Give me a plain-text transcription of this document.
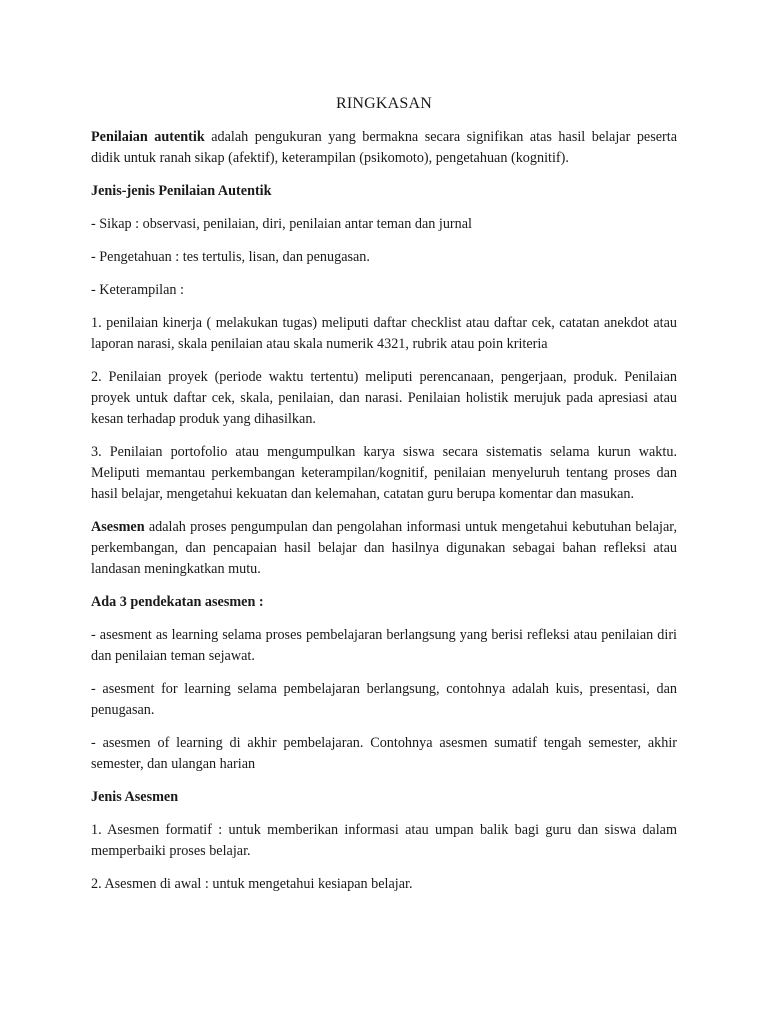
RINGKASAN

Penilaian autentik adalah pengukuran yang bermakna secara signifikan atas hasil belajar peserta didik untuk ranah sikap (afektif), keterampilan (psikomoto), pengetahuan (kognitif).

Jenis-jenis Penilaian Autentik

- Sikap : observasi, penilaian, diri, penilaian antar teman dan jurnal

- Pengetahuan : tes tertulis, lisan, dan penugasan.

- Keterampilan :

1. penilaian kinerja ( melakukan tugas) meliputi daftar checklist atau daftar cek, catatan anekdot atau laporan narasi, skala penilaian atau skala numerik 4321, rubrik atau poin kriteria

2. Penilaian proyek (periode waktu tertentu) meliputi perencanaan, pengerjaan, produk. Penilaian proyek untuk daftar cek, skala, penilaian, dan narasi. Penilaian holistik merujuk pada apresiasi atau kesan terhadap produk yang dihasilkan.

3. Penilaian portofolio atau mengumpulkan karya siswa secara sistematis selama kurun waktu. Meliputi memantau perkembangan keterampilan/kognitif, penilaian menyeluruh tentang proses dan hasil belajar, mengetahui kekuatan dan kelemahan, catatan guru berupa komentar dan masukan.

Asesmen adalah proses pengumpulan dan pengolahan informasi untuk mengetahui kebutuhan belajar, perkembangan, dan pencapaian hasil belajar dan hasilnya digunakan sebagai bahan refleksi atau landasan meningkatkan mutu.

Ada 3 pendekatan asesmen :

- asesment as learning selama proses pembelajaran berlangsung yang berisi refleksi atau penilaian diri dan penilaian teman sejawat.

- asesment for learning selama pembelajaran berlangsung, contohnya adalah kuis, presentasi, dan penugasan.

- asesmen of learning di akhir pembelajaran. Contohnya asesmen sumatif tengah semester, akhir semester, dan ulangan harian

Jenis Asesmen

1. Asesmen formatif : untuk memberikan informasi atau umpan balik bagi guru dan siswa dalam memperbaiki proses belajar.

2. Asesmen di awal : untuk mengetahui kesiapan belajar.
